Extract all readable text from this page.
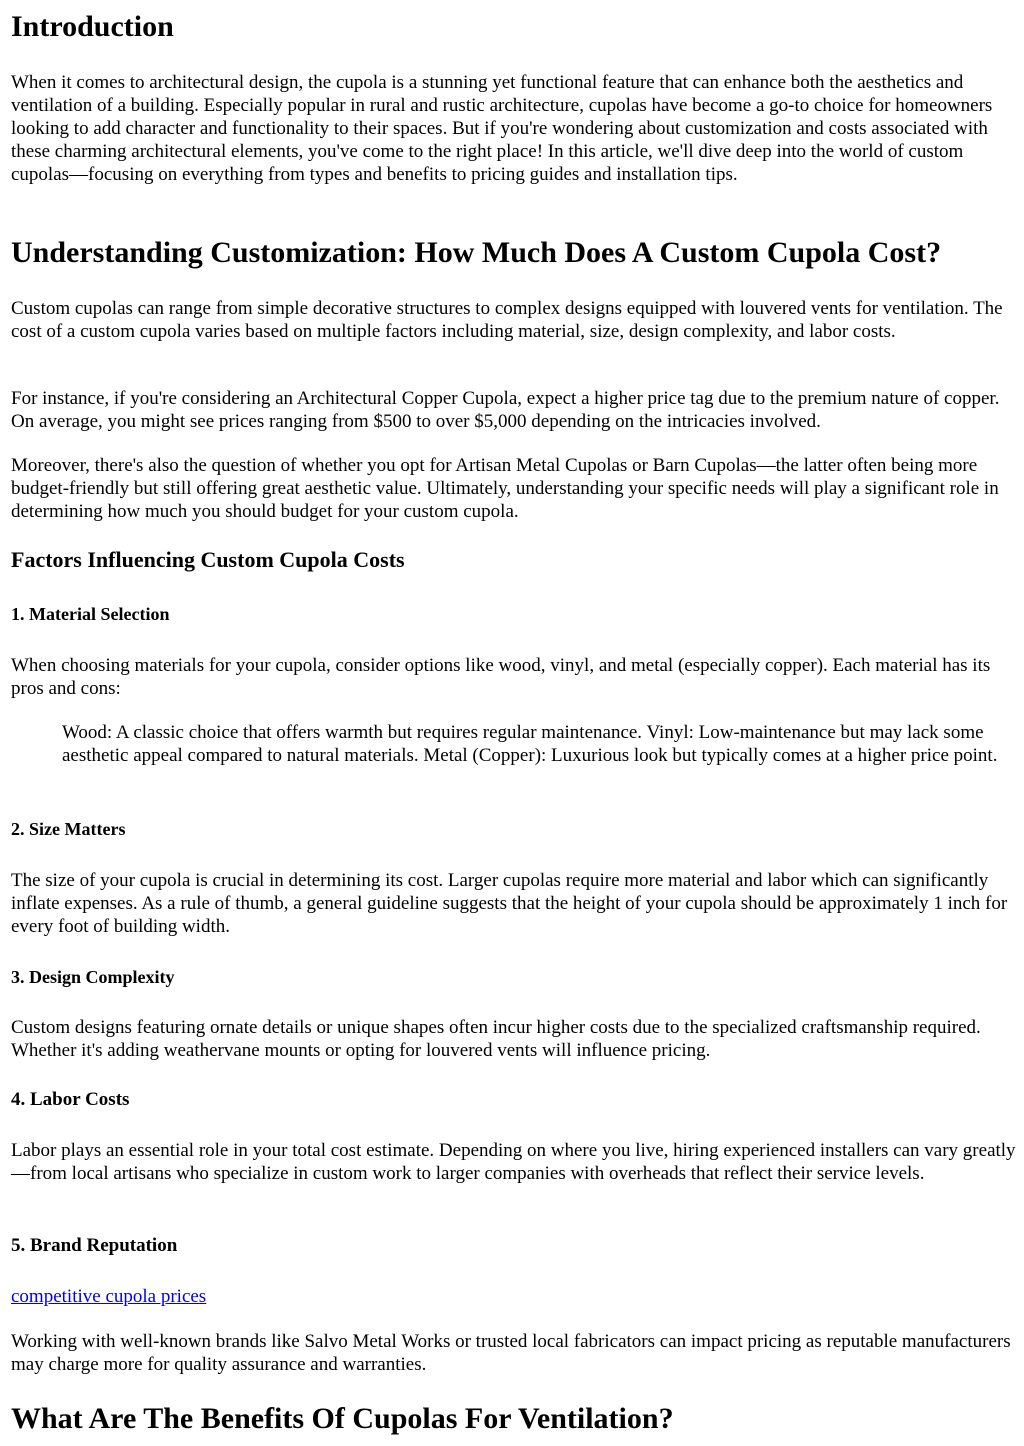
Introduction

When it comes to architectural design, the cupola is a stunning yet functional feature that can enhance both the aesthetics and ventilation of a building. Especially popular in rural and rustic architecture, cupolas have become a go-to choice for homeowners looking to add character and functionality to their spaces. But if you're wondering about customization and costs associated with these charming architectural elements, you've come to the right place! In this article, we'll dive deep into the world of custom cupolas—focusing on everything from types and benefits to pricing guides and installation tips.

Understanding Customization: How Much Does A Custom Cupola Cost?

Custom cupolas can range from simple decorative structures to complex designs equipped with louvered vents for ventilation. The cost of a custom cupola varies based on multiple factors including material, size, design complexity, and labor costs.

For instance, if you're considering an Architectural Copper Cupola, expect a higher price tag due to the premium nature of copper. On average, you might see prices ranging from $500 to over $5,000 depending on the intricacies involved.

Moreover, there's also the question of whether you opt for Artisan Metal Cupolas or Barn Cupolas—the latter often being more budget-friendly but still offering great aesthetic value. Ultimately, understanding your specific needs will play a significant role in determining how much you should budget for your custom cupola.

Factors Influencing Custom Cupola Costs
1. Material Selection

When choosing materials for your cupola, consider options like wood, vinyl, and metal (especially copper). Each material has its pros and cons:

Wood: A classic choice that offers warmth but requires regular maintenance. Vinyl: Low-maintenance but may lack some aesthetic appeal compared to natural materials. Metal (Copper): Luxurious look but typically comes at a higher price point.
2. Size Matters

The size of your cupola is crucial in determining its cost. Larger cupolas require more material and labor which can significantly inflate expenses. As a rule of thumb, a general guideline suggests that the height of your cupola should be approximately 1 inch for every foot of building width.

3. Design Complexity

Custom designs featuring ornate details or unique shapes often incur higher costs due to the specialized craftsmanship required. Whether it's adding weathervane mounts or opting for louvered vents will influence pricing.

4. Labor Costs

Labor plays an essential role in your total cost estimate. Depending on where you live, hiring experienced installers can vary greatly—from local artisans who specialize in custom work to larger companies with overheads that reflect their service levels.

5. Brand Reputation

competitive cupola prices

Working with well-known brands like Salvo Metal Works or trusted local fabricators can impact pricing as reputable manufacturers may charge more for quality assurance and warranties.

What Are The Benefits Of Cupolas For Ventilation?
